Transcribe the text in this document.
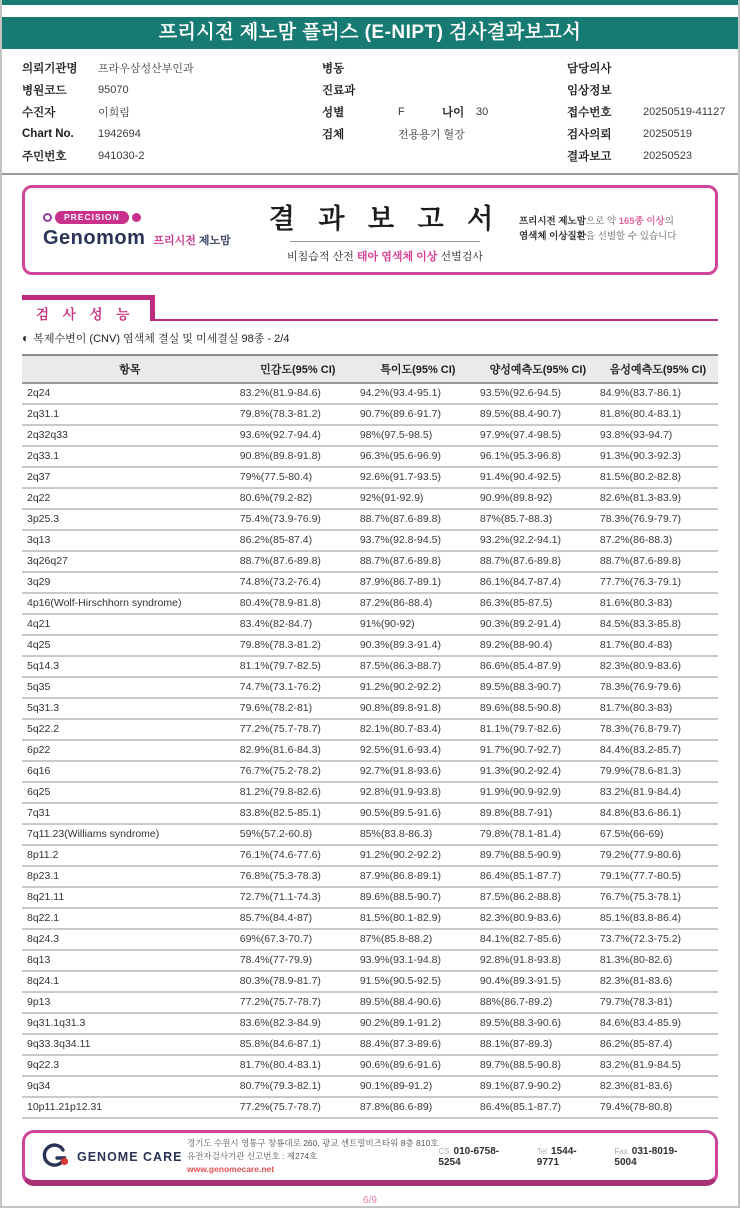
프리시전 제노맘 플러스 (E-NIPT) 검사결과보고서
의뢰기관명	프라우삼성산부인과
병원코드	95070
수진자	이희림
Chart No.	1942694
주민번호	941030-2
병동
진료과
성별	F	나이	30
검체	전용용기 혈장
담당의사
임상정보
접수번호	20250519-41127
검사의뢰	20250519
결과보고	20250523
PRECISION
Genomom 프리시전 제노맘
결 과 보 고 서
비침습적 산전 태아 염색체 이상 선별검사
프리시전 제노맘으로 약 165종 이상의
염색체 이상질환을 선별할 수 있습니다
검 사 성 능
◐ 복제수변이 (CNV) 염색체 결실 및 미세결실 98종 - 2/4
항목	민감도(95% CI)	특이도(95% CI)	양성예측도(95% CI)	음성예측도(95% CI)
2q24	83.2%(81.9-84.6)	94.2%(93.4-95.1)	93.5%(92.6-94.5)	84.9%(83.7-86.1)
2q31.1	79.8%(78.3-81.2)	90.7%(89.6-91.7)	89.5%(88.4-90.7)	81.8%(80.4-83.1)
2q32q33	93.6%(92.7-94.4)	98%(97.5-98.5)	97.9%(97.4-98.5)	93.8%(93-94.7)
2q33.1	90.8%(89.8-91.8)	96.3%(95.6-96.9)	96.1%(95.3-96.8)	91.3%(90.3-92.3)
2q37	79%(77.5-80.4)	92.6%(91.7-93.5)	91.4%(90.4-92.5)	81.5%(80.2-82.8)
2q22	80.6%(79.2-82)	92%(91-92.9)	90.9%(89.8-92)	82.6%(81.3-83.9)
3p25.3	75.4%(73.9-76.9)	88.7%(87.6-89.8)	87%(85.7-88.3)	78.3%(76.9-79.7)
3q13	86.2%(85-87.4)	93.7%(92.8-94.5)	93.2%(92.2-94.1)	87.2%(86-88.3)
3q26q27	88.7%(87.6-89.8)	88.7%(87.6-89.8)	88.7%(87.6-89.8)	88.7%(87.6-89.8)
3q29	74.8%(73.2-76.4)	87.9%(86.7-89.1)	86.1%(84.7-87.4)	77.7%(76.3-79.1)
4p16(Wolf-Hirschhorn syndrome)	80.4%(78.9-81.8)	87.2%(86-88.4)	86.3%(85-87.5)	81.6%(80.3-83)
4q21	83.4%(82-84.7)	91%(90-92)	90.3%(89.2-91.4)	84.5%(83.3-85.8)
4q25	79.8%(78.3-81.2)	90.3%(89.3-91.4)	89.2%(88-90.4)	81.7%(80.4-83)
5q14.3	81.1%(79.7-82.5)	87.5%(86.3-88.7)	86.6%(85.4-87.9)	82.3%(80.9-83.6)
5q35	74.7%(73.1-76.2)	91.2%(90.2-92.2)	89.5%(88.3-90.7)	78.3%(76.9-79.6)
5q31.3	79.6%(78.2-81)	90.8%(89.8-91.8)	89.6%(88.5-90.8)	81.7%(80.3-83)
5q22.2	77.2%(75.7-78.7)	82.1%(80.7-83.4)	81.1%(79.7-82.6)	78.3%(76.8-79.7)
6p22	82.9%(81.6-84.3)	92.5%(91.6-93.4)	91.7%(90.7-92.7)	84.4%(83.2-85.7)
6q16	76.7%(75.2-78.2)	92.7%(91.8-93.6)	91.3%(90.2-92.4)	79.9%(78.6-81.3)
6q25	81.2%(79.8-82.6)	92.8%(91.9-93.8)	91.9%(90.9-92.9)	83.2%(81.9-84.4)
7q31	83.8%(82.5-85.1)	90.5%(89.5-91.6)	89.8%(88.7-91)	84.8%(83.6-86.1)
7q11.23(Williams syndrome)	59%(57.2-60.8)	85%(83.8-86.3)	79.8%(78.1-81.4)	67.5%(66-69)
8p11.2	76.1%(74.6-77.6)	91.2%(90.2-92.2)	89.7%(88.5-90.9)	79.2%(77.9-80.6)
8p23.1	76.8%(75.3-78.3)	87.9%(86.8-89.1)	86.4%(85.1-87.7)	79.1%(77.7-80.5)
8q21.11	72.7%(71.1-74.3)	89.6%(88.5-90.7)	87.5%(86.2-88.8)	76.7%(75.3-78.1)
8q22.1	85.7%(84.4-87)	81.5%(80.1-82.9)	82.3%(80.9-83.6)	85.1%(83.8-86.4)
8q24.3	69%(67.3-70.7)	87%(85.8-88.2)	84.1%(82.7-85.6)	73.7%(72.3-75.2)
8q13	78.4%(77-79.9)	93.9%(93.1-94.8)	92.8%(91.8-93.8)	81.3%(80-82.6)
8q24.1	80.3%(78.9-81.7)	91.5%(90.5-92.5)	90.4%(89.3-91.5)	82.3%(81-83.6)
9p13	77.2%(75.7-78.7)	89.5%(88.4-90.6)	88%(86.7-89.2)	79.7%(78.3-81)
9q31.1q31.3	83.6%(82.3-84.9)	90.2%(89.1-91.2)	89.5%(88.3-90.6)	84.6%(83.4-85.9)
9q33.3q34.11	85.8%(84.6-87.1)	88.4%(87.3-89.6)	88.1%(87-89.3)	86.2%(85-87.4)
9q22.3	81.7%(80.4-83.1)	90.6%(89.6-91.6)	89.7%(88.5-90.8)	83.2%(81.9-84.5)
9q34	80.7%(79.3-82.1)	90.1%(89-91.2)	89.1%(87.9-90.2)	82.3%(81-83.6)
10p11.21p12.31	77.2%(75.7-78.7)	87.8%(86.6-89)	86.4%(85.1-87.7)	79.4%(78-80.8)
GENOME CARE
경기도 수원시 영통구 창룡대로 260, 광교 센트럴비즈타워 8층 810호
유전자검사기관 신고번호 : 제274호
www.genomecare.net
CS 010-6758-5254
Tel 1544-9771
Fax 031-8019-5004
6/9
